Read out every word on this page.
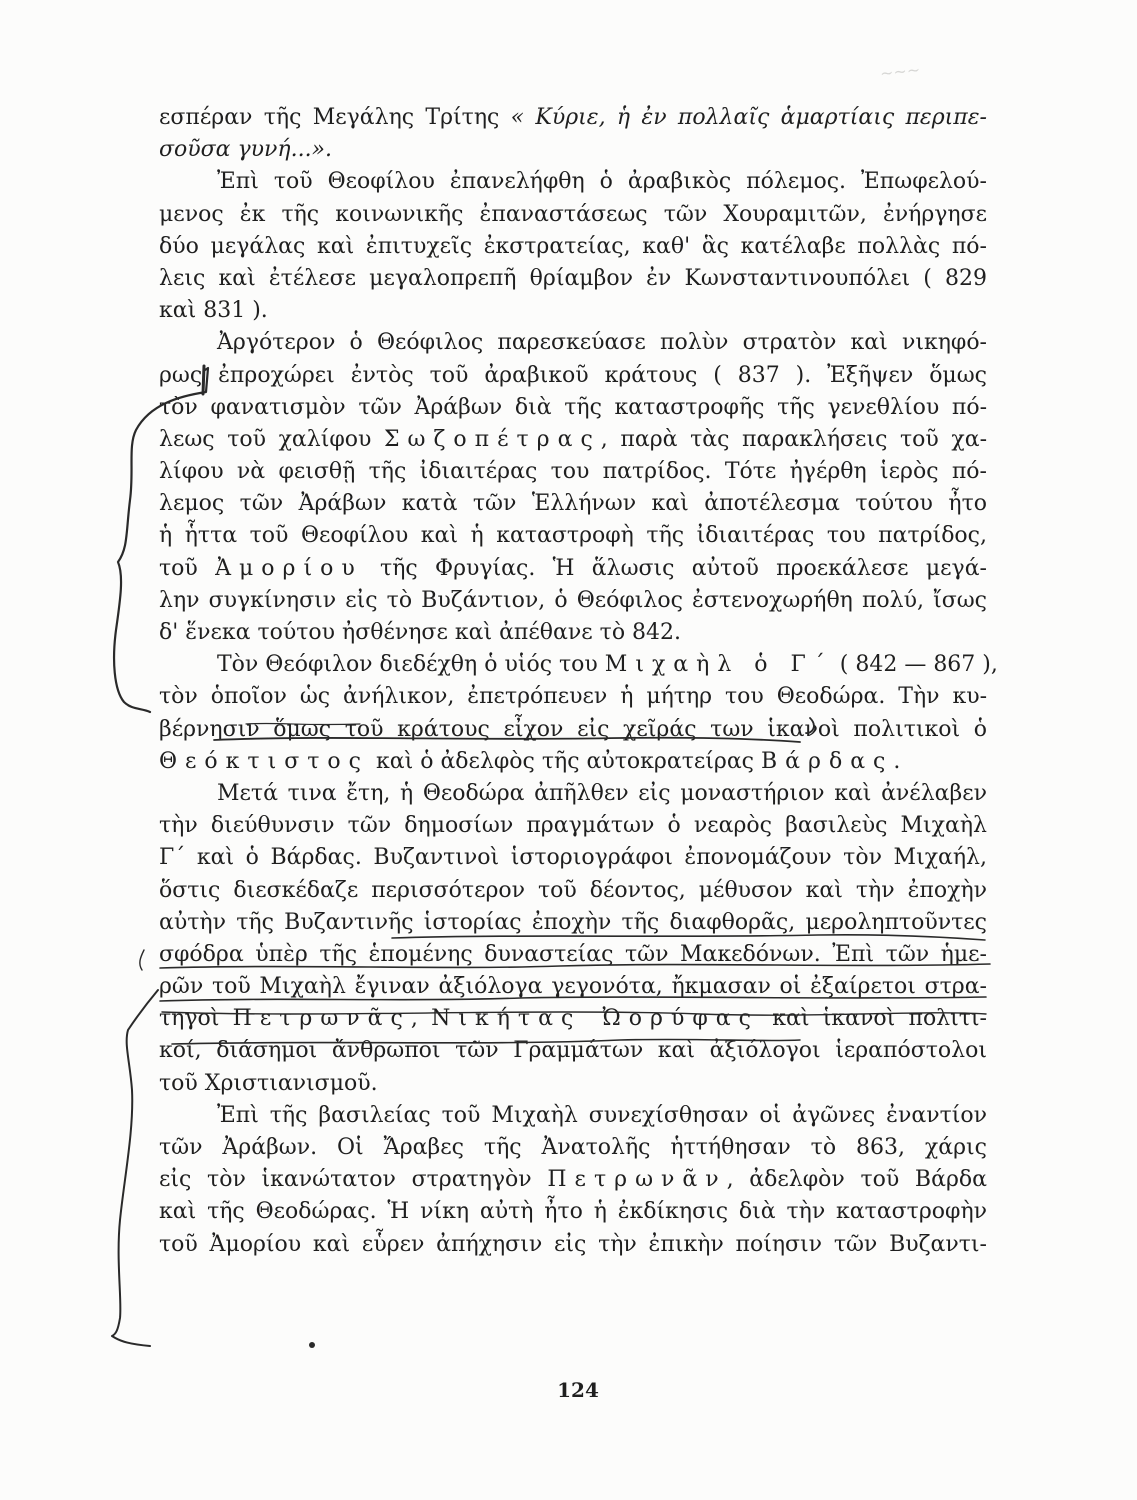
~~~
εσπέραν τῆς Μεγάλης Τρίτης « Κύριε, ἡ ἐν πολλαῖς ἁμαρτίαις περιπε-
σοῦσα γυνή...».
Ἐπὶ τοῦ Θεοφίλου ἐπανελήφθη ὁ ἀραβικὸς πόλεμος. Ἐπωφελού-
μενος ἐκ τῆς κοινωνικῆς ἐπαναστάσεως τῶν Χουραμιτῶν, ἐνήργησε
δύο μεγάλας καὶ ἐπιτυχεῖς ἐκστρατείας, καθ' ἃς κατέλαβε πολλὰς πό-
λεις καὶ ἐτέλεσε μεγαλοπρεπῆ θρίαμβον ἐν Κωνσταντινουπόλει ( 829
καὶ 831 ).
Ἀργότερον ὁ Θεόφιλος παρεσκεύασε πολὺν στρατὸν καὶ νικηφό-
ρως ἐπροχώρει ἐντὸς τοῦ ἀραβικοῦ κράτους ( 837 ). Ἐξῆψεν ὅμως
τὸν φανατισμὸν τῶν Ἀράβων διὰ τῆς καταστροφῆς τῆς γενεθλίου πό-
λεως τοῦ χαλίφου Σωζοπέτρας, παρὰ τὰς παρακλήσεις τοῦ χα-
λίφου νὰ φεισθῇ τῆς ἰδιαιτέρας του πατρίδος. Τότε ἠγέρθη ἱερὸς πό-
λεμος τῶν Ἀράβων κατὰ τῶν Ἑλλήνων καὶ ἀποτέλεσμα τούτου ἦτο
ἡ ἧττα τοῦ Θεοφίλου καὶ ἡ καταστροφὴ τῆς ἰδιαιτέρας του πατρίδος,
τοῦ Ἀμορίου τῆς Φρυγίας. Ἡ ἅλωσις αὐτοῦ προεκάλεσε μεγά-
λην συγκίνησιν εἰς τὸ Βυζάντιον, ὁ Θεόφιλος ἐστενοχωρήθη πολύ, ἴσως
δ' ἕνεκα τούτου ἠσθένησε καὶ ἀπέθανε τὸ 842.
Τὸν Θεόφιλον διεδέχθη ὁ υἱός του Μιχαὴλ ὁ Γ΄ ( 842 — 867 ),
τὸν ὁποῖον ὡς ἀνήλικον, ἐπετρόπευεν ἡ μήτηρ του Θεοδώρα. Τὴν κυ-
βέρνησιν ὅμως τοῦ κράτους εἶχον εἰς χεῖράς των ἱκανοὶ πολιτικοὶ ὁ
Θεόκτιστος καὶ ὁ ἀδελφὸς τῆς αὐτοκρατείρας Βάρδας.
Μετά τινα ἔτη, ἡ Θεοδώρα ἀπῆλθεν εἰς μοναστήριον καὶ ἀνέλαβεν
τὴν διεύθυνσιν τῶν δημοσίων πραγμάτων ὁ νεαρὸς βασιλεὺς Μιχαὴλ
Γ΄ καὶ ὁ Βάρδας. Βυζαντινοὶ ἱστοριογράφοι ἐπονομάζουν τὸν Μιχαήλ,
ὅστις διεσκέδαζε περισσότερον τοῦ δέοντος, μέθυσον καὶ τὴν ἐποχὴν
αὐτὴν τῆς Βυζαντινῆς ἱστορίας ἐποχὴν τῆς διαφθορᾶς, μεροληπτοῦντες
σφόδρα ὑπὲρ τῆς ἑπομένης δυναστείας τῶν Μακεδόνων. Ἐπὶ τῶν ἡμε-
ρῶν τοῦ Μιχαὴλ ἔγιναν ἀξιόλογα γεγονότα, ἤκμασαν οἱ ἐξαίρετοι στρα-
τηγοὶ Πετρωνᾶς, Νικήτας Ὠορύφας καὶ ἱκανοὶ πολιτι-
κοί, διάσημοι ἄνθρωποι τῶν Γραμμάτων καὶ ἀξιόλογοι ἱεραπόστολοι
τοῦ Χριστιανισμοῦ.
Ἐπὶ τῆς βασιλείας τοῦ Μιχαὴλ συνεχίσθησαν οἱ ἀγῶνες ἐναντίον
τῶν Ἀράβων. Οἱ Ἄραβες τῆς Ἀνατολῆς ἡττήθησαν τὸ 863, χάρις
εἰς τὸν ἱκανώτατον στρατηγὸν Πετρωνᾶν, ἀδελφὸν τοῦ Βάρδα
καὶ τῆς Θεοδώρας. Ἡ νίκη αὐτὴ ἦτο ἡ ἐκδίκησις διὰ τὴν καταστροφὴν
τοῦ Ἀμορίου καὶ εὗρεν ἀπήχησιν εἰς τὴν ἐπικὴν ποίησιν τῶν Βυζαντι-
124
